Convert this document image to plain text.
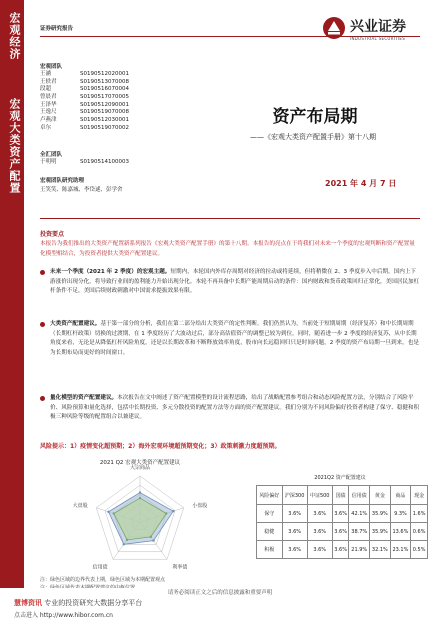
宏观经济
宏观大类资产配置
证券研究报告	兴业证券
INDUSTRIAL SECURITIES
宏观团队
王涵	S0190512020001
王轶君	S0190513070008
段超	S0190516070004
曾晨君	S0190517070005
王泽华	S0190512090001
王逸尺	S0190519070008
卢燕津	S0190512030001
卓尔	S0190519070002
全汇团队
于明明	S0190514100003
宏观团队研究助理
王笑笑、陈嘉城、李岱逑、彭学舍
资产布局期
——《宏观大类资产配置手册》第十八期
2021 年 4 月 7 日
投资要点
本报告为我们推出的大类资产配置新系列报告《宏观大类资产配置手册》的第十八期。本报告的亮点在于将我们对未来一个季度的宏观判断和资产配置量化模型相结合，为投资者提供大类资产配置建议。
未来一个季度（2021 年 2 季度）的宏观主题。短期内，本轮国内外库存周期对经济的拉动或将延续，但将稍微在 2、3 季度步入中后期。国内上下游涨价出现分化，将导致行业间的盈利能力升始出现分化。本轮不再具备中长期产能周期启动的条件：国内财政和货币政策回归正常化，美国居民加杠杆条件不足，美国后续财政刺激对中国需求提振效果有限。
大类资产配置建议。基于第一部分的分析，我们在第二部分给出大类资产的定性判断。我们仍然认为，当前处于短期周期（经济复苏）和中长期周期（长期杠杆政策）切换的过渡期，在 1 季度经历了大波动过后，部分高估值资产的调整已较为到位。同时，随着进一步 2 季度的经济复苏，从中长期角度来看，无论是从降低杠杆风险角度，还是以长期改革和不断释放效率角度，股市向长远稳回归只是时间问题，2 季度的资产布局期一旦到来，也是为长期布局而更好的时间窗口。
量化模型的资产配置建议。本次报告在文中阐述了资产配置模型的设计流程思路，给出了战略配置参考组合和动态风险配置方法，分别结合了风险平价、风险预算和量化选择，包括中长期投资、多元分散投资的配置方法等方面的资产配置建议。我们分别为不同风险偏好投资者构建了保守、稳健和积极三种风险等级的配置组合以兼建议。
风险提示：1）疫情变化超预期；2）海外宏观环境超预期变化；3）政策刺激力度超预期。
2021 Q2 宏观大类资产配置建议
大宗商品
小盘股
利率债
信用债
大盘股
注：绿色区域的边界代表上期，绿色区域为本期配置观点
2021Q2 资产配置建议
风险偏好	沪深300	中证500	国债	信用债	黄金	商品	现金
保守	3.6%	3.6%	3.6%	42.1%	35.9%	9.3%	1.6%
稳健	3.6%	3.6%	3.6%	38.7%	35.9%	13.6%	0.6%
积极	3.6%	3.6%	3.6%	21.9%	32.1%	23.1%	0.5%
请务必阅读正文之后的信息披露和重要声明
慧博资讯 专业的投资研究大数据分享平台
点击进入 http://www.hibor.com.cn
